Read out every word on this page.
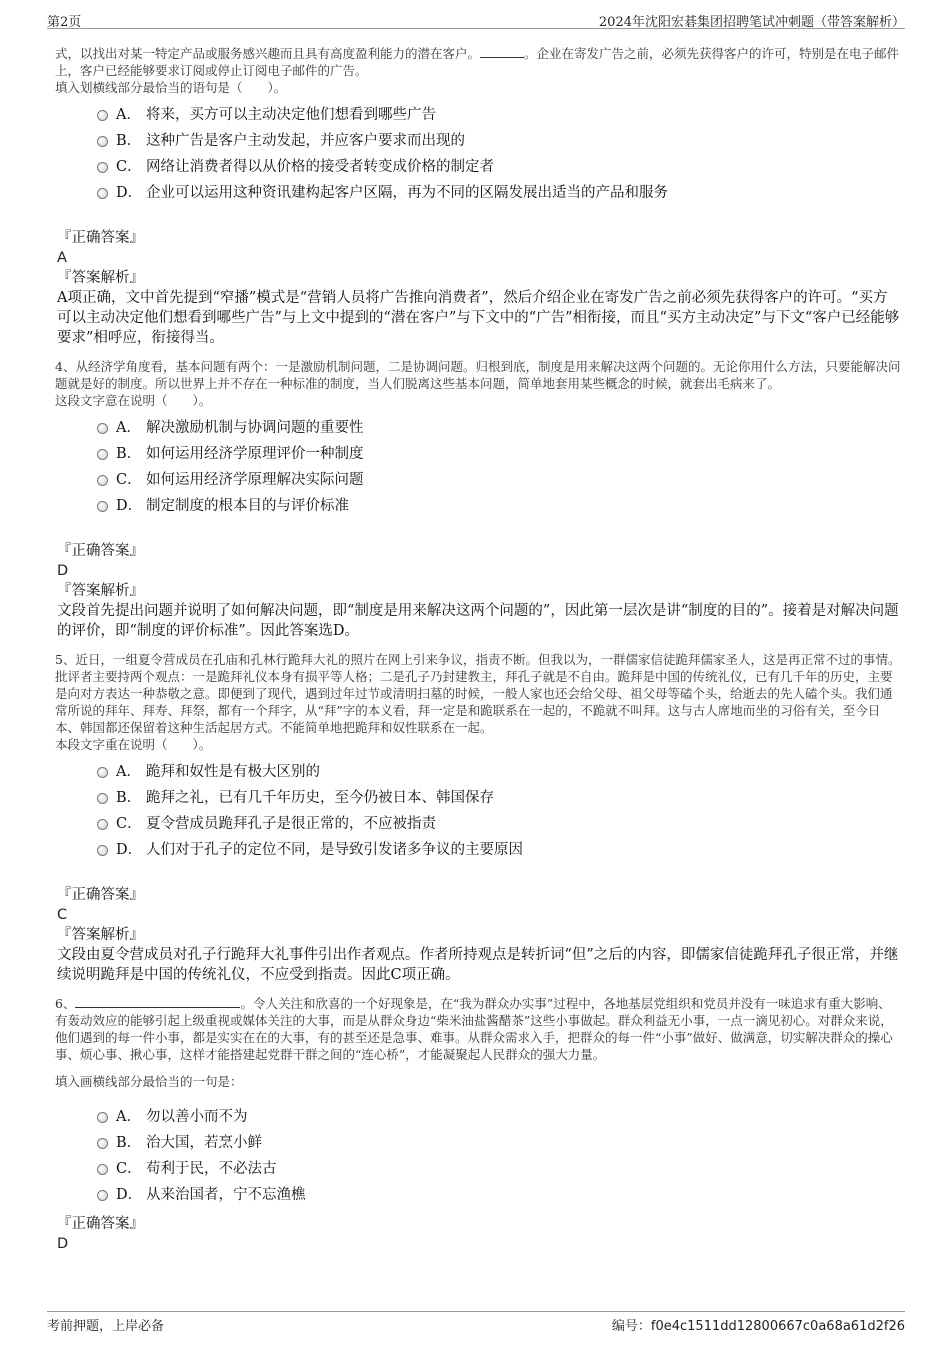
第2页	2024年沈阳宏碁集团招聘笔试冲刺题（带答案解析）

式，以找出对某一特定产品或服务感兴趣而且具有高度盈利能力的潜在客户。	。企业在寄发广告之前，必须先获得客户的许可，特别是在电子邮件上，客户已经能够要求订阅或停止订阅电子邮件的广告。

填入划横线部分最恰当的语句是（　　）。

A． 将来，买方可以主动决定他们想看到哪些广告
B． 这种广告是客户主动发起，并应客户要求而出现的
C． 网络让消费者得以从价格的接受者转变成价格的制定者
D． 企业可以运用这种资讯建构起客户区隔，再为不同的区隔发展出适当的产品和服务

『正确答案』

A

『答案解析』

A项正确，文中首先提到“窄播”模式是“营销人员将广告推向消费者”，然后介绍企业在寄发广告之前必须先获得客户的许可。“买方可以主动决定他们想看到哪些广告”与上文中提到的“潜在客户”与下文中的“广告”相衔接，而且“买方主动决定”与下文“客户已经能够要求”相呼应，衔接得当。

4、从经济学角度看，基本问题有两个：一是激励机制问题，二是协调问题。归根到底，制度是用来解决这两个问题的。无论你用什么方法，只要能解决问题就是好的制度。所以世界上并不存在一种标准的制度，当人们脱离这些基本问题，简单地套用某些概念的时候，就套出毛病来了。

这段文字意在说明（　　）。

A． 解决激励机制与协调问题的重要性
B． 如何运用经济学原理评价一种制度
C． 如何运用经济学原理解决实际问题
D． 制定制度的根本目的与评价标准

『正确答案』

D

『答案解析』

文段首先提出问题并说明了如何解决问题，即“制度是用来解决这两个问题的”，因此第一层次是讲“制度的目的”。接着是对解决问题的评价，即“制度的评价标准”。因此答案选D。

5、近日，一组夏令营成员在孔庙和孔林行跪拜大礼的照片在网上引来争议，指责不断。但我以为，一群儒家信徒跪拜儒家圣人，这是再正常不过的事情。批评者主要持两个观点：一是跪拜礼仪本身有损平等人格；二是孔子乃封建教主，拜孔子就是不自由。跪拜是中国的传统礼仪，已有几千年的历史，主要是向对方表达一种恭敬之意。即便到了现代，遇到过年过节或清明扫墓的时候，一般人家也还会给父母、祖父母等磕个头，给逝去的先人磕个头。我们通常所说的拜年、拜寿、拜祭，都有一个拜字，从“拜”字的本义看，拜一定是和跪联系在一起的，不跪就不叫拜。这与古人席地而坐的习俗有关，至今日本、韩国都还保留着这种生活起居方式。不能简单地把跪拜和奴性联系在一起。

本段文字重在说明（　　）。

A． 跪拜和奴性是有极大区别的
B． 跪拜之礼，已有几千年历史，至今仍被日本、韩国保存
C． 夏令营成员跪拜孔子是很正常的，不应被指责
D． 人们对于孔子的定位不同，是导致引发诸多争议的主要原因

『正确答案』

C

『答案解析』

文段由夏令营成员对孔子行跪拜大礼事件引出作者观点。作者所持观点是转折词“但”之后的内容，即儒家信徒跪拜孔子很正常，并继续说明跪拜是中国的传统礼仪，不应受到指责。因此C项正确。

6、	。令人关注和欣喜的一个好现象是，在“我为群众办实事”过程中，各地基层党组织和党员并没有一味追求有重大影响、有轰动效应的能够引起上级重视或媒体关注的大事，而是从群众身边“柴米油盐酱醋茶”这些小事做起。群众利益无小事，一点一滴见初心。对群众来说，他们遇到的每一件小事，都是实实在在的大事，有的甚至还是急事、难事。从群众需求入手，把群众的每一件“小事”做好、做满意，切实解决群众的操心事、烦心事、揪心事，这样才能搭建起党群干群之间的“连心桥”，才能凝聚起人民群众的强大力量。

填入画横线部分最恰当的一句是：

A． 勿以善小而不为
B． 治大国，若烹小鲜
C． 苟利于民，不必法古
D． 从来治国者，宁不忘渔樵

『正确答案』

D

考前押题，上岸必备	编号：f0e4c1511dd12800667c0a68a61d2f26
